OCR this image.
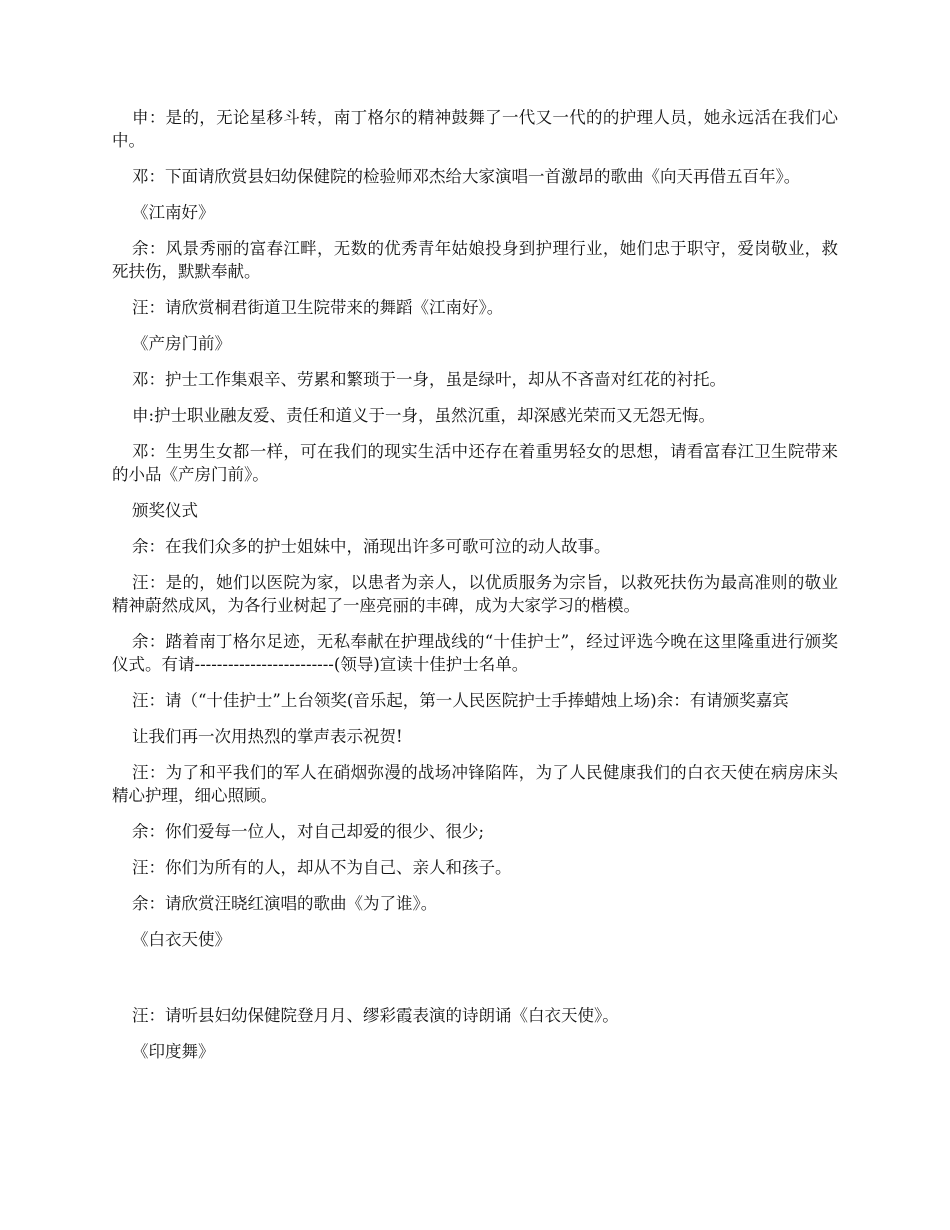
申：是的，无论星移斗转，南丁格尔的精神鼓舞了一代又一代的的护理人员，她永远活在我们心中。

邓：下面请欣赏县妇幼保健院的检验师邓杰给大家演唱一首激昂的歌曲《向天再借五百年》。

《江南好》

余：风景秀丽的富春江畔，无数的优秀青年姑娘投身到护理行业，她们忠于职守，爱岗敬业，救死扶伤，默默奉献。

汪：请欣赏桐君街道卫生院带来的舞蹈《江南好》。

《产房门前》

邓：护士工作集艰辛、劳累和繁琐于一身，虽是绿叶，却从不吝啬对红花的衬托。

申:护士职业融友爱、责任和道义于一身，虽然沉重，却深感光荣而又无怨无悔。

邓：生男生女都一样，可在我们的现实生活中还存在着重男轻女的思想，请看富春江卫生院带来的小品《产房门前》。

颁奖仪式

余：在我们众多的护士姐妹中，涌现出许多可歌可泣的动人故事。

汪：是的，她们以医院为家，以患者为亲人，以优质服务为宗旨，以救死扶伤为最高准则的敬业精神蔚然成风，为各行业树起了一座亮丽的丰碑，成为大家学习的楷模。

余：踏着南丁格尔足迹，无私奉献在护理战线的“十佳护士”，经过评选今晚在这里隆重进行颁奖仪式。有请-------------------------(领导)宣读十佳护士名单。

汪：请（“十佳护士”上台领奖(音乐起，第一人民医院护士手捧蜡烛上场)余：有请颁奖嘉宾

让我们再一次用热烈的掌声表示祝贺!

汪：为了和平我们的军人在硝烟弥漫的战场冲锋陷阵，为了人民健康我们的白衣天使在病房床头精心护理，细心照顾。

余：你们爱每一位人，对自己却爱的很少、很少;

汪：你们为所有的人，却从不为自己、亲人和孩子。

余：请欣赏汪晓红演唱的歌曲《为了谁》。

《白衣天使》

汪：请听县妇幼保健院登月月、缪彩霞表演的诗朗诵《白衣天使》。

《印度舞》
